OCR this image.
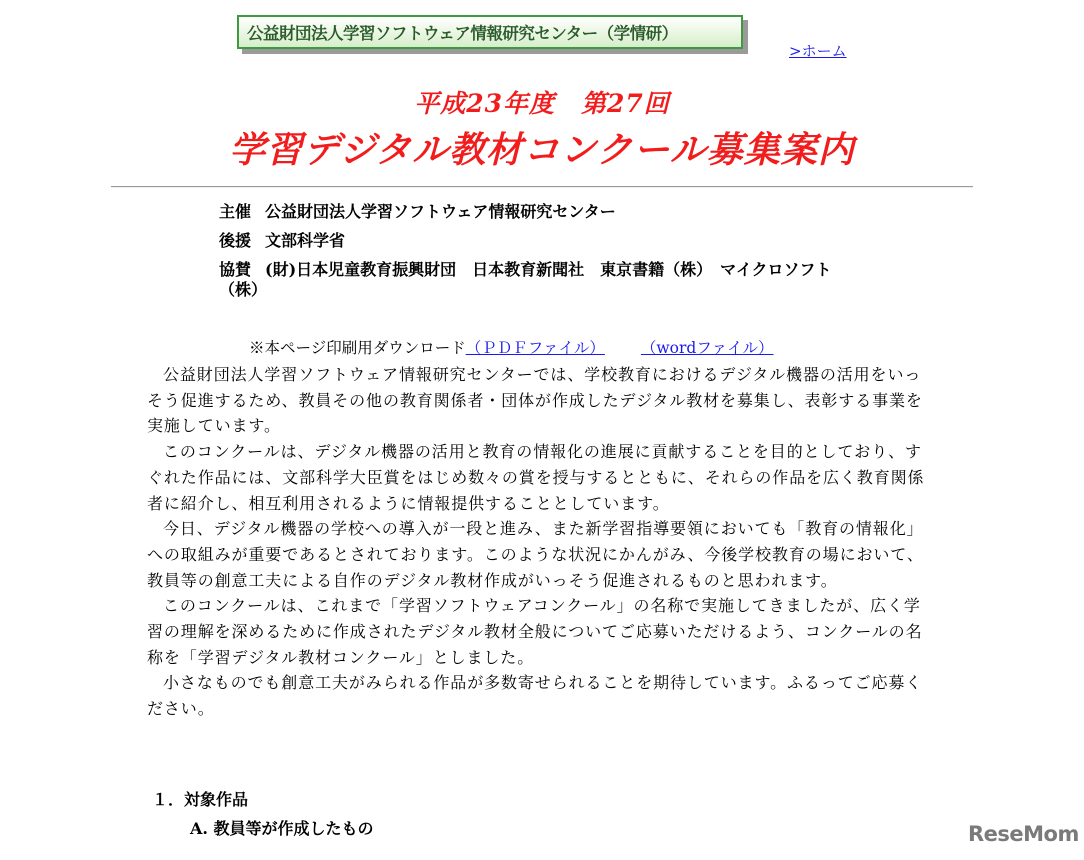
公益財団法人学習ソフトウェア情報研究センター（学情研）
>ホーム
平成23年度　第27回
学習デジタル教材コンクール募集案内
主催 公益財団法人学習ソフトウェア情報研究センター
後援 文部科学省
協賛 (財)日本児童教育振興財団　日本教育新聞社　東京書籍（株）　マイクロソフト（株）
※本ページ印刷用ダウンロード（ＰＤＦファイル） （wordファイル）

公益財団法人学習ソフトウェア情報研究センターでは、学校教育におけるデジタル機器の活用をいっそう促進するため、教員その他の教育関係者・団体が作成したデジタル教材を募集し、表彰する事業を実施しています。

このコンクールは、デジタル機器の活用と教育の情報化の進展に貢献することを目的としており、すぐれた作品には、文部科学大臣賞をはじめ数々の賞を授与するとともに、それらの作品を広く教育関係者に紹介し、相互利用されるように情報提供することとしています。

今日、デジタル機器の学校への導入が一段と進み、また新学習指導要領においても「教育の情報化」への取組みが重要であるとされております。このような状況にかんがみ、今後学校教育の場において、教員等の創意工夫による自作のデジタル教材作成がいっそう促進されるものと思われます。

このコンクールは、これまで「学習ソフトウェアコンクール」の名称で実施してきましたが、広く学習の理解を深めるために作成されたデジタル教材全般についてご応募いただけるよう、コンクールの名称を「学習デジタル教材コンクール」としました。

小さなものでも創意工夫がみられる作品が多数寄せられることを期待しています。ふるってご応募ください。

１．対象作品
A. 教員等が作成したもの	ReseMom
